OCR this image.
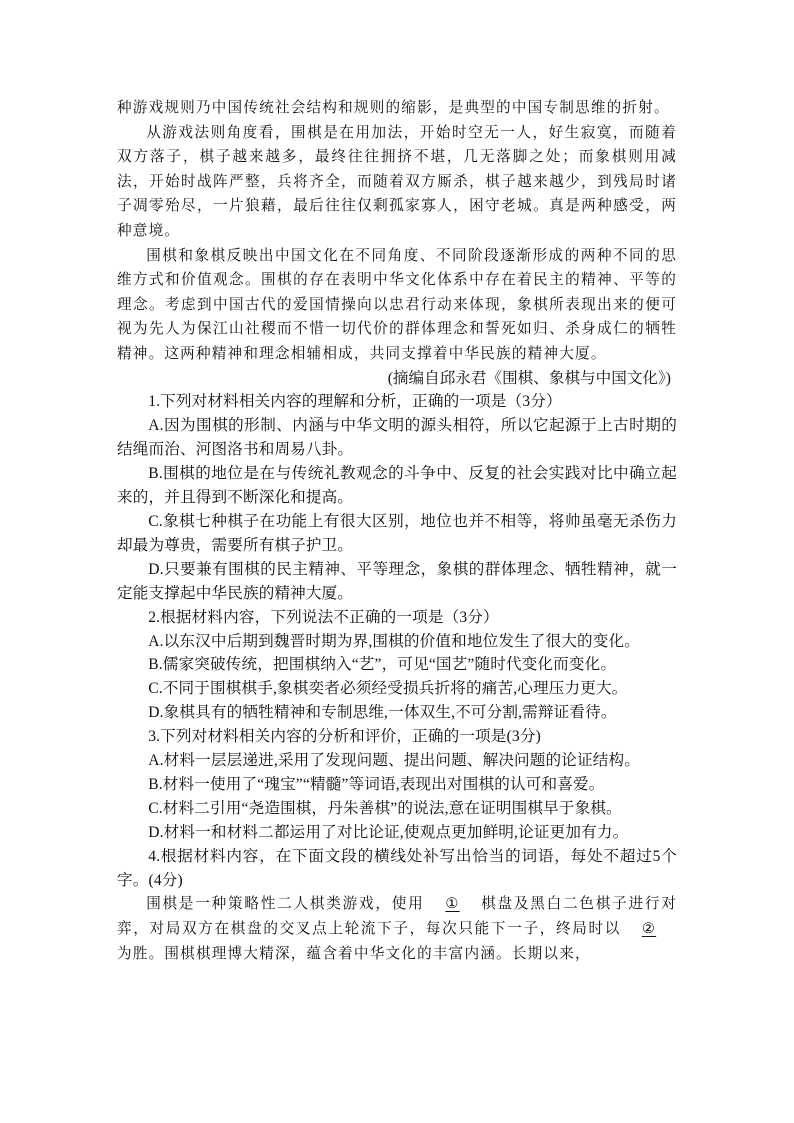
种游戏规则乃中国传统社会结构和规则的缩影，是典型的中国专制思维的折射。

从游戏法则角度看，围棋是在用加法，开始时空无一人，好生寂寞，而随着双方落子，棋子越来越多，最终往往拥挤不堪，几无落脚之处；而象棋则用减法，开始时战阵严整，兵将齐全，而随着双方厮杀，棋子越来越少，到残局时诸子凋零殆尽，一片狼藉，最后往往仅剩孤家寡人，困守老城。真是两种感受，两种意境。

围棋和象棋反映出中国文化在不同角度、不同阶段逐渐形成的两种不同的思维方式和价值观念。围棋的存在表明中华文化体系中存在着民主的精神、平等的理念。考虑到中国古代的爱国情操向以忠君行动来体现，象棋所表现出来的便可视为先人为保江山社稷而不惜一切代价的群体理念和誓死如归、杀身成仁的牺牲精神。这两种精神和理念相辅相成，共同支撑着中华民族的精神大厦。

(摘编自邱永君《围棋、象棋与中国文化》)

1.下列对材料相关内容的理解和分析，正确的一项是（3分）

A.因为围棋的形制、内涵与中华文明的源头相符，所以它起源于上古时期的结绳而治、河图洛书和周易八卦。

B.围棋的地位是在与传统礼教观念的斗争中、反复的社会实践对比中确立起来的，并且得到不断深化和提高。

C.象棋七种棋子在功能上有很大区别，地位也并不相等，将帅虽毫无杀伤力却最为尊贵，需要所有棋子护卫。

D.只要兼有围棋的民主精神、平等理念，象棋的群体理念、牺牲精神，就一定能支撑起中华民族的精神大厦。

2.根据材料内容，下列说法不正确的一项是（3分）

A.以东汉中后期到魏晋时期为界,围棋的价值和地位发生了很大的变化。

B.儒家突破传统，把围棋纳入“艺”，可见“国艺”随时代变化而变化。

C.不同于围棋棋手,象棋奕者必须经受损兵折将的痛苦,心理压力更大。

D.象棋具有的牺牲精神和专制思维,一体双生,不可分割,需辩证看待。

3.下列对材料相关内容的分析和评价，正确的一项是(3分)

A.材料一层层递进,采用了发现问题、提出问题、解决问题的论证结构。

B.材料一使用了“瑰宝”“精髓”等词语,表现出对围棋的认可和喜爱。

C.材料二引用“尧造围棋，丹朱善棋”的说法,意在证明围棋早于象棋。

D.材料一和材料二都运用了对比论证,使观点更加鲜明,论证更加有力。

4.根据材料内容，在下面文段的横线处补写出恰当的词语，每处不超过5个字。(4分)

围棋是一种策略性二人棋类游戏，使用 ① 棋盘及黑白二色棋子进行对弈，对局双方在棋盘的交叉点上轮流下子，每次只能下一子，终局时以 ②为胜。围棋棋理博大精深，蕴含着中华文化的丰富内涵。长期以来，
